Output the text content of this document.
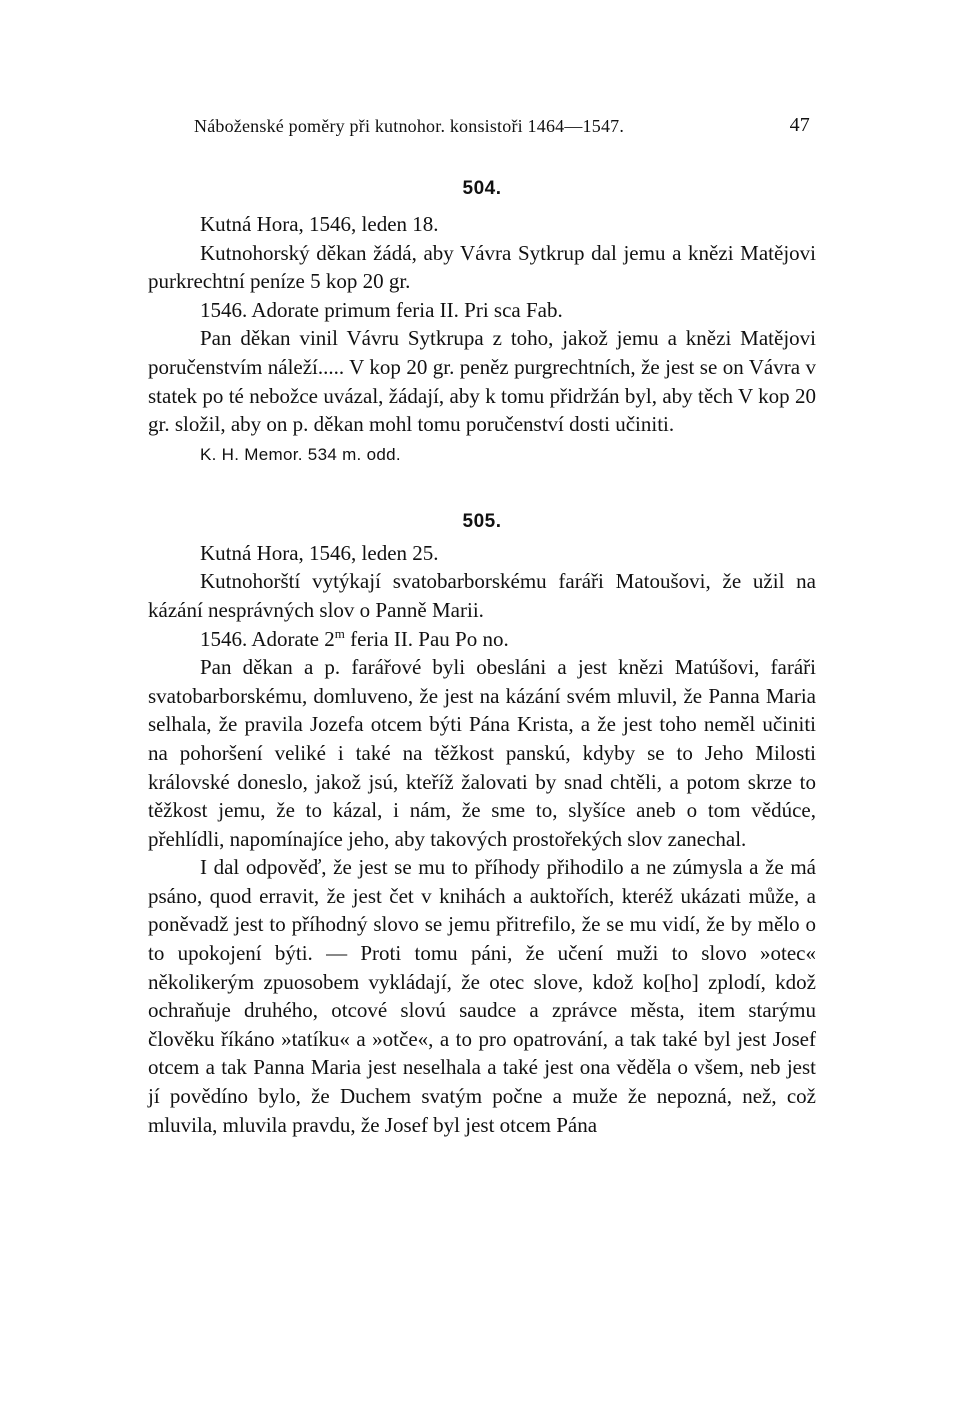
Náboženské poměry při kutnohor. konsistoři 1464—1547.	47
504.

Kutná Hora, 1546, leden 18.

Kutnohorský děkan žádá, aby Vávra Sytkrup dal jemu a knězi Matějovi purkrechtní peníze 5 kop 20 gr.

1546. Adorate primum feria II. Pri sca Fab.

Pan děkan vinil Vávru Sytkrupa z toho, jakož jemu a knězi Matějovi poručenstvím náleží..... V kop 20 gr. peněz purgrechtních, že jest se on Vávra v statek po té nebožce uvázal, žádají, aby k tomu přidržán byl, aby těch V kop 20 gr. složil, aby on p. děkan mohl tomu poručenství dosti učiniti.

K. H. Memor. 534 m. odd.
505.

Kutná Hora, 1546, leden 25.

Kutnohorští vytýkají svatobarborskému faráři Matoušovi, že užil na kázání nesprávných slov o Panně Marii.

1546. Adorate 2$^m$ feria II. Pau Po no.

Pan děkan a p. farářové byli obesláni a jest knězi Matúšovi, faráři svatobarborskému, domluveno, že jest na kázání svém mluvil, že Panna Maria selhala, že pravila Jozefa otcem býti Pána Krista, a že jest toho neměl učiniti na pohoršení veliké i také na těžkost panskú, kdyby se to Jeho Milosti královské doneslo, jakož jsú, kteříž žalovati by snad chtěli, a potom skrze to těžkost jemu, že to kázal, i nám, že sme to, slyšíce aneb o tom vědúce, přehlídli, napomínajíce jeho, aby takových prostořekých slov zanechal.

I dal odpověď, že jest se mu to příhody přihodilo a ne zúmysla a že má psáno, quod erravit, že jest čet v knihách a auktořích, kteréž ukázati může, a poněvadž jest to příhodný slovo se jemu přitrefilo, že se mu vidí, že by mělo o to upokojení býti. — Proti tomu páni, že učení muži to slovo »otec« několikerým zpuosobem vykládají, že otec slove, kdož ko[ho] zplodí, kdož ochraňuje druhého, otcové slovú saudce a zprávce města, item starýmu člověku říkáno »tatíku« a »otče«, a to pro opatrování, a tak také byl jest Josef otcem a tak Panna Maria jest neselhala a také jest ona věděla o všem, neb jest jí povědíno bylo, že Duchem svatým počne a muže že nepozná, než, což mluvila, mluvila pravdu, že Josef byl jest otcem Pána
